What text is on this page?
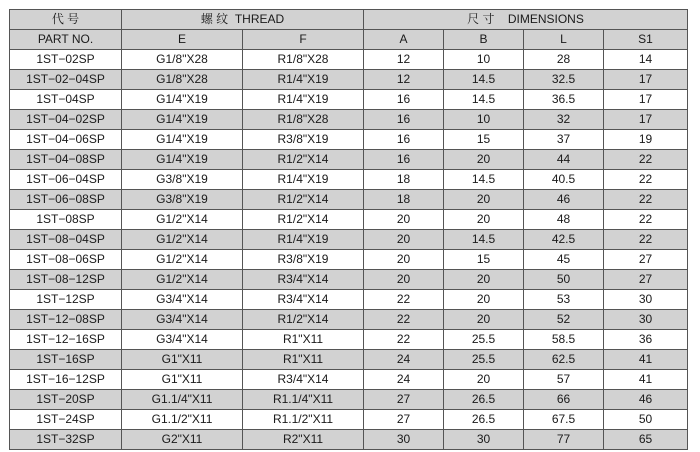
代 号	螺 纹 THREAD		尺 寸 DIMENSIONS			
PART NO.	E	F	A	B	L	S1
1ST−02SP	G1/8"X28	R1/8"X28	12	10	28	14
1ST−02−04SP	G1/8"X28	R1/4"X19	12	14.5	32.5	17
1ST−04SP	G1/4"X19	R1/4"X19	16	14.5	36.5	17
1ST−04−02SP	G1/4"X19	R1/8"X28	16	10	32	17
1ST−04−06SP	G1/4"X19	R3/8"X19	16	15	37	19
1ST−04−08SP	G1/4"X19	R1/2"X14	16	20	44	22
1ST−06−04SP	G3/8"X19	R1/4"X19	18	14.5	40.5	22
1ST−06−08SP	G3/8"X19	R1/2"X14	18	20	46	22
1ST−08SP	G1/2"X14	R1/2"X14	20	20	48	22
1ST−08−04SP	G1/2"X14	R1/4"X19	20	14.5	42.5	22
1ST−08−06SP	G1/2"X14	R3/8"X19	20	15	45	27
1ST−08−12SP	G1/2"X14	R3/4"X14	20	20	50	27
1ST−12SP	G3/4"X14	R3/4"X14	22	20	53	30
1ST−12−08SP	G3/4"X14	R1/2"X14	22	20	52	30
1ST−12−16SP	G3/4"X14	R1"X11	22	25.5	58.5	36
1ST−16SP	G1"X11	R1"X11	24	25.5	62.5	41
1ST−16−12SP	G1"X11	R3/4"X14	24	20	57	41
1ST−20SP	G1.1/4"X11	R1.1/4"X11	27	26.5	66	46
1ST−24SP	G1.1/2"X11	R1.1/2"X11	27	26.5	67.5	50
1ST−32SP	G2"X11	R2"X11	30	30	77	65
